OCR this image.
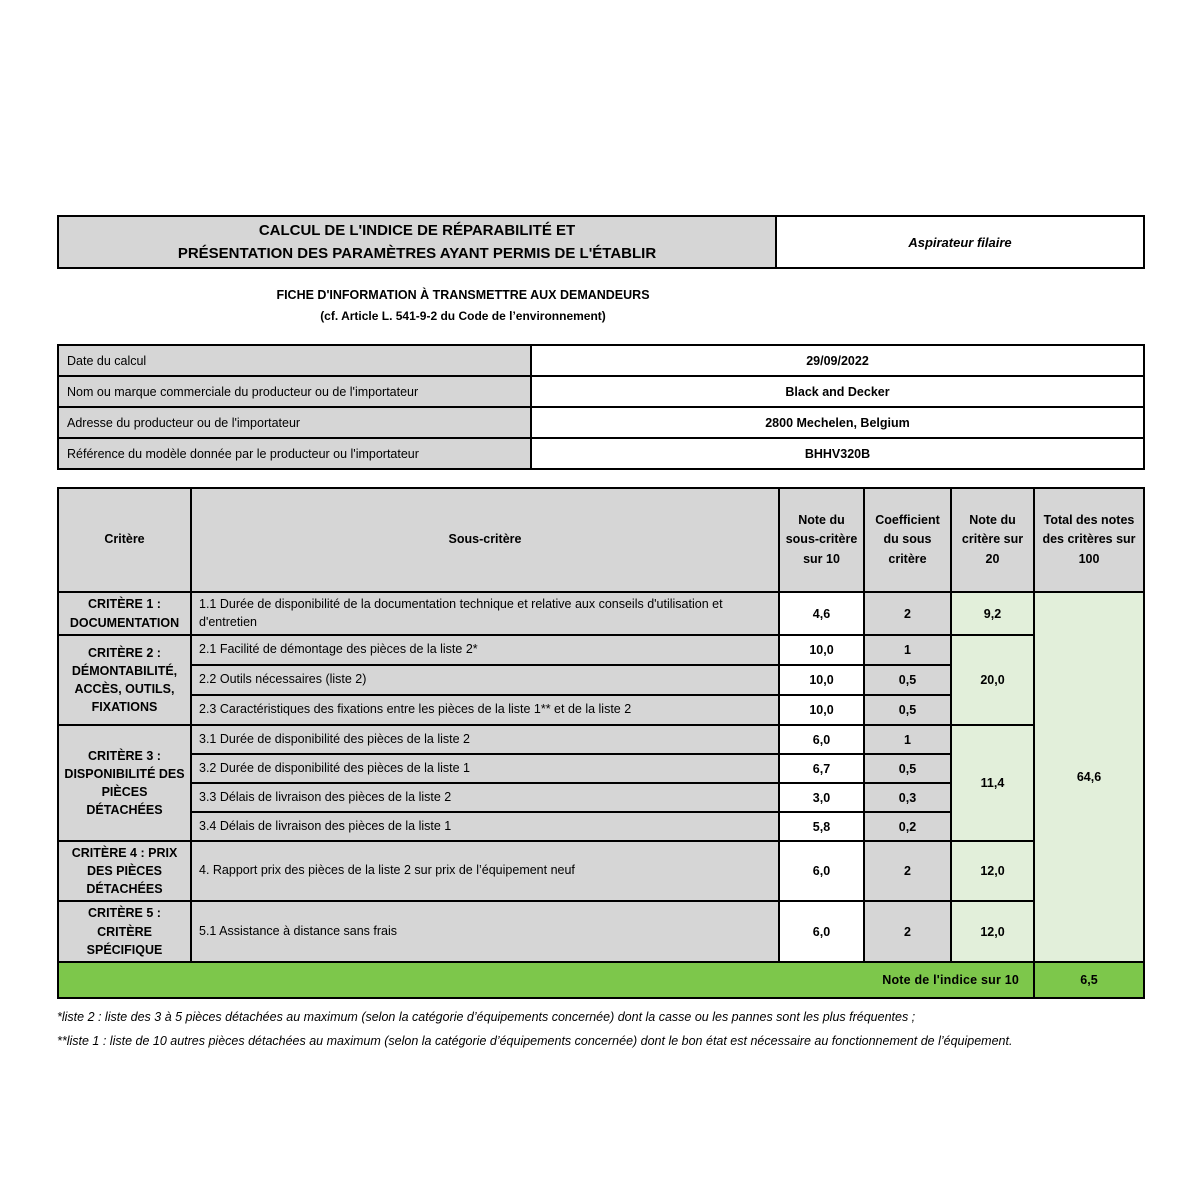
CALCUL DE L'INDICE DE RÉPARABILITÉ ET
PRÉSENTATION DES PARAMÈTRES AYANT PERMIS DE L'ÉTABLIR
	Aspirateur filaire
FICHE D'INFORMATION À TRANSMETTRE AUX DEMANDEURS
(cf. Article L. 541-9-2 du Code de l’environnement)
Date du calcul	29/09/2022
Nom ou marque commerciale du producteur ou de l'importateur	Black and Decker
Adresse du producteur ou de l'importateur	2800 Mechelen, Belgium
Référence du modèle donnée par le producteur ou l'importateur	BHHV320B
Critère	Sous-critère	Note du sous-critère sur 10	Coefficient du sous critère	Note du critère sur 20	Total des notes des critères sur 100
CRITÈRE 1 : DOCUMENTATION	1.1 Durée de disponibilité de la documentation technique et relative aux conseils d'utilisation et d'entretien	4,6	2	9,2	64,6
CRITÈRE 2 : DÉMONTABILITÉ, ACCÈS, OUTILS, FIXATIONS	2.1 Facilité de démontage des pièces de la liste 2*	10,0	1	20,0	
	2.2 Outils nécessaires (liste 2)	10,0	0,5		
	2.3 Caractéristiques des fixations entre les pièces de la liste 1** et de la liste 2	10,0	0,5		
CRITÈRE 3 : DISPONIBILITÉ DES PIÈCES DÉTACHÉES	3.1 Durée de disponibilité des pièces de la liste 2	6,0	1	11,4	
	3.2 Durée de disponibilité des pièces de la liste 1	6,7	0,5		
	3.3 Délais de livraison des pièces de la liste 2	3,0	0,3		
	3.4 Délais de livraison des pièces de la liste 1	5,8	0,2		
CRITÈRE 4 : PRIX DES PIÈCES DÉTACHÉES	4. Rapport prix des pièces de la liste 2 sur prix de l’équipement neuf	6,0	2	12,0	
CRITÈRE 5 : CRITÈRE SPÉCIFIQUE	5.1 Assistance à distance sans frais	6,0	2	12,0	
Note de l'indice sur 10					6,5
*liste 2 : liste des 3 à 5 pièces détachées au maximum (selon la catégorie d’équipements concernée) dont la casse ou les pannes sont les plus fréquentes ;
**liste 1 : liste de 10 autres pièces détachées au maximum (selon la catégorie d’équipements concernée) dont le bon état est nécessaire au fonctionnement de l’équipement.
